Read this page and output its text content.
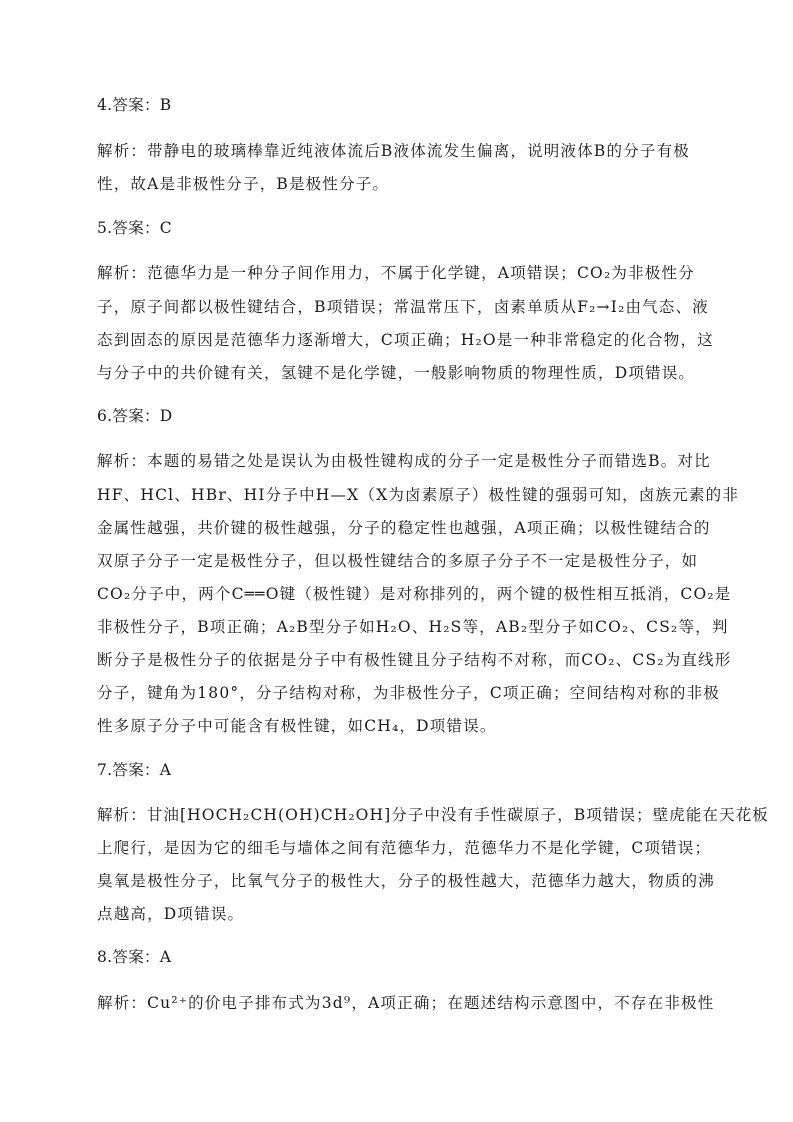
4.答案：B
解析：带静电的玻璃棒靠近纯液体流后B液体流发生偏离，说明液体B的分子有极
性，故A是非极性分子，B是极性分子。
5.答案：C
解析：范德华力是一种分子间作用力，不属于化学键，A项错误；CO₂为非极性分
子，原子间都以极性键结合，B项错误；常温常压下，卤素单质从F₂→I₂由气态、液
态到固态的原因是范德华力逐渐增大，C项正确；H₂O是一种非常稳定的化合物，这
与分子中的共价键有关，氢键不是化学键，一般影响物质的物理性质，D项错误。
6.答案：D
解析：本题的易错之处是误认为由极性键构成的分子一定是极性分子而错选B。对比
HF、HCl、HBr、HI分子中H—X（X为卤素原子）极性键的强弱可知，卤族元素的非
金属性越强，共价键的极性越强，分子的稳定性也越强，A项正确；以极性键结合的
双原子分子一定是极性分子，但以极性键结合的多原子分子不一定是极性分子，如
CO₂分子中，两个C══O键（极性键）是对称排列的，两个键的极性相互抵消，CO₂是
非极性分子，B项正确；A₂B型分子如H₂O、H₂S等，AB₂型分子如CO₂、CS₂等，判
断分子是极性分子的依据是分子中有极性键且分子结构不对称，而CO₂、CS₂为直线形
分子，键角为180°，分子结构对称，为非极性分子，C项正确；空间结构对称的非极
性多原子分子中可能含有极性键，如CH₄，D项错误。
7.答案：A
解析：甘油[HOCH₂CH(OH)CH₂OH]分子中没有手性碳原子，B项错误；壁虎能在天花板
上爬行，是因为它的细毛与墙体之间有范德华力，范德华力不是化学键，C项错误；
臭氧是极性分子，比氧气分子的极性大，分子的极性越大，范德华力越大，物质的沸
点越高，D项错误。
8.答案：A
解析：Cu²⁺的价电子排布式为3d⁹，A项正确；在题述结构示意图中，不存在非极性
